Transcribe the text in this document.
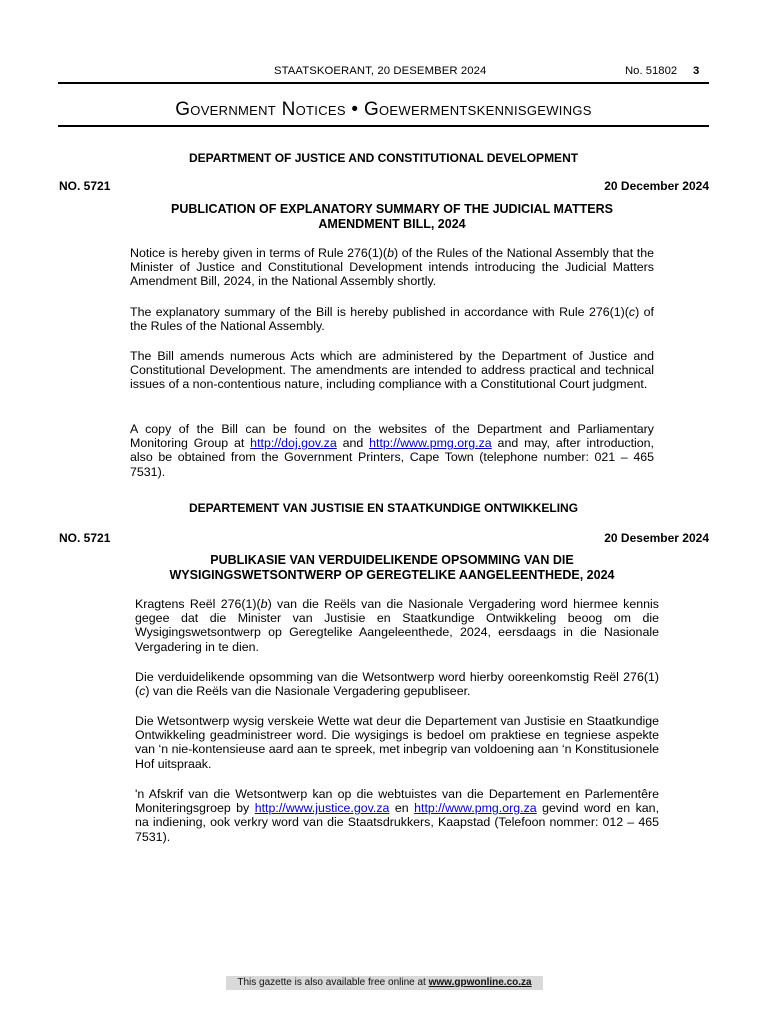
STAATSKOERANT, 20 DESEMBER 2024	No. 51802 3
Government Notices • Goewermentskennisgewings
DEPARTMENT OF JUSTICE AND CONSTITUTIONAL DEVELOPMENT
NO. 5721	20 December 2024
PUBLICATION OF EXPLANATORY SUMMARY OF THE JUDICIAL MATTERS AMENDMENT BILL, 2024
Notice is hereby given in terms of Rule 276(1)(b) of the Rules of the National Assembly that the Minister of Justice and Constitutional Development intends introducing the Judicial Matters Amendment Bill, 2024, in the National Assembly shortly.
The explanatory summary of the Bill is hereby published in accordance with Rule 276(1)(c) of the Rules of the National Assembly.
The Bill amends numerous Acts which are administered by the Department of Justice and Constitutional Development. The amendments are intended to address practical and technical issues of a non-contentious nature, including compliance with a Constitutional Court judgment.
A copy of the Bill can be found on the websites of the Department and Parliamentary Monitoring Group at http://doj.gov.za and http://www.pmg.org.za and may, after introduction, also be obtained from the Government Printers, Cape Town (telephone number: 021 – 465 7531).
DEPARTEMENT VAN JUSTISIE EN STAATKUNDIGE ONTWIKKELING
NO. 5721	20 Desember 2024
PUBLIKASIE VAN VERDUIDELIKENDE OPSOMMING VAN DIE WYSIGINGSWETSONTWERP OP GEREGTELIKE AANGELEENTHEDE, 2024
Kragtens Reël 276(1)(b) van die Reëls van die Nasionale Vergadering word hiermee kennis gegee dat die Minister van Justisie en Staatkundige Ontwikkeling beoog om die Wysigingswetsontwerp op Geregtelike Aangeleenthede, 2024, eersdaags in die Nasionale Vergadering in te dien.
Die verduidelikende opsomming van die Wetsontwerp word hierby ooreenkomstig Reël 276(1)(c) van die Reëls van die Nasionale Vergadering gepubliseer.
Die Wetsontwerp wysig verskeie Wette wat deur die Departement van Justisie en Staatkundige Ontwikkeling geadministreer word. Die wysigings is bedoel om praktiese en tegniese aspekte van ‘n nie-kontensieuse aard aan te spreek, met inbegrip van voldoening aan ‘n Konstitusionele Hof uitspraak.
'n Afskrif van die Wetsontwerp kan op die webtuistes van die Departement en Parlementêre Moniteringsgroep by http://www.justice.gov.za en http://www.pmg.org.za gevind word en kan, na indiening, ook verkry word van die Staatsdrukkers, Kaapstad (Telefoon nommer: 012 – 465 7531).
This gazette is also available free online at www.gpwonline.co.za
